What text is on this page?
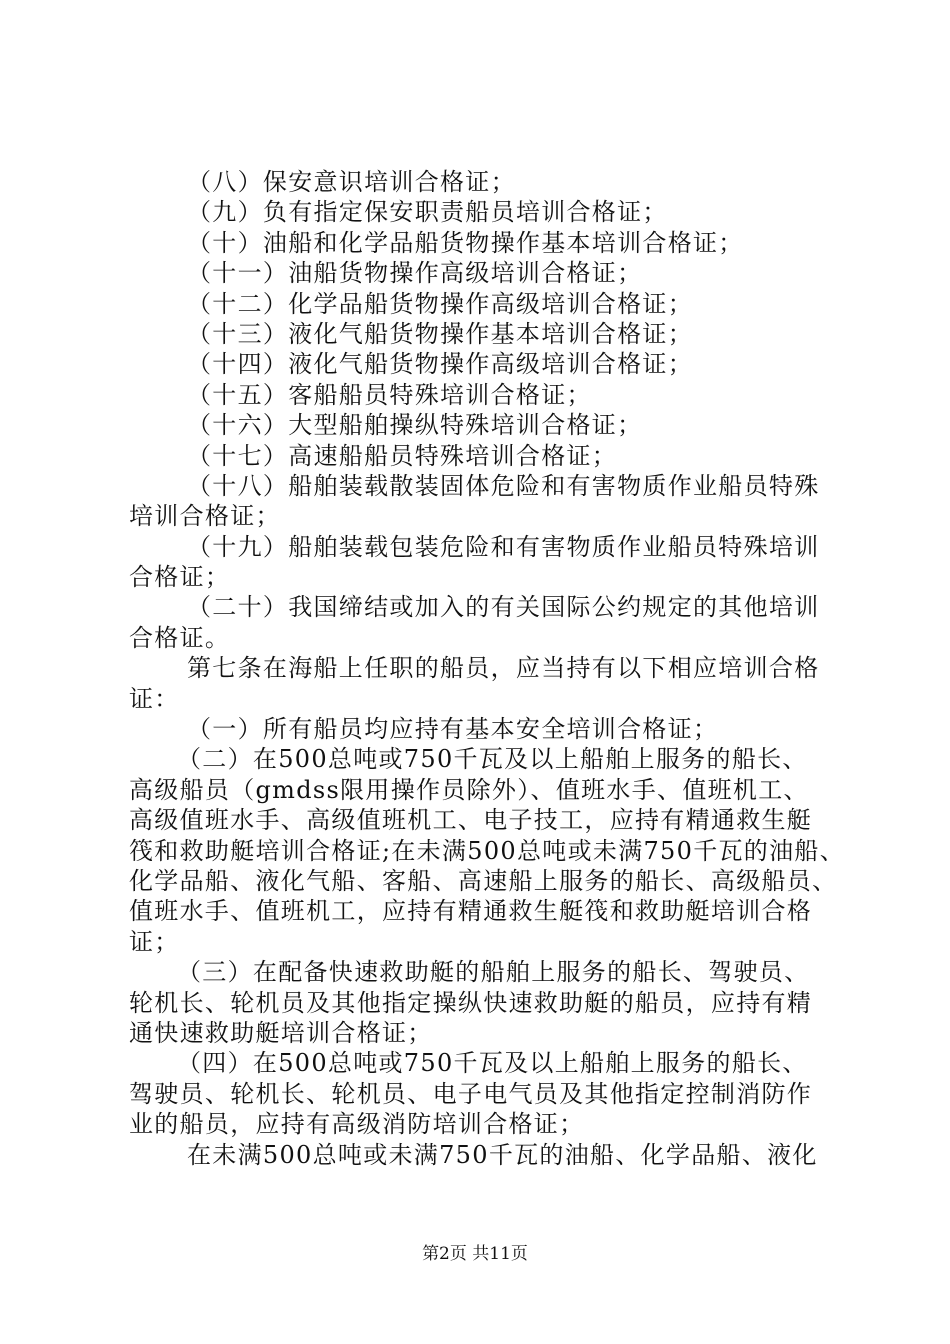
（八）保安意识培训合格证；
（九）负有指定保安职责船员培训合格证；
（十）油船和化学品船货物操作基本培训合格证；
（十一）油船货物操作高级培训合格证；
（十二）化学品船货物操作高级培训合格证；
（十三）液化气船货物操作基本培训合格证；
（十四）液化气船货物操作高级培训合格证；
（十五）客船船员特殊培训合格证；
（十六）大型船舶操纵特殊培训合格证；
（十七）高速船船员特殊培训合格证；
（十八）船舶装载散装固体危险和有害物质作业船员特殊
培训合格证；
（十九）船舶装载包装危险和有害物质作业船员特殊培训
合格证；
（二十）我国缔结或加入的有关国际公约规定的其他培训
合格证。
第七条在海船上任职的船员，应当持有以下相应培训合格
证：
（一）所有船员均应持有基本安全培训合格证；
（二）在500总吨或750千瓦及以上船舶上服务的船长、
高级船员（gmdss限用操作员除外）、值班水手、值班机工、
高级值班水手、高级值班机工、电子技工，应持有精通救生艇
筏和救助艇培训合格证;在未满500总吨或未满750千瓦的油船、
化学品船、液化气船、客船、高速船上服务的船长、高级船员、
值班水手、值班机工，应持有精通救生艇筏和救助艇培训合格
证；
（三）在配备快速救助艇的船舶上服务的船长、驾驶员、
轮机长、轮机员及其他指定操纵快速救助艇的船员，应持有精
通快速救助艇培训合格证；
（四）在500总吨或750千瓦及以上船舶上服务的船长、
驾驶员、轮机长、轮机员、电子电气员及其他指定控制消防作
业的船员，应持有高级消防培训合格证；
在未满500总吨或未满750千瓦的油船、化学品船、液化
第2页 共11页
